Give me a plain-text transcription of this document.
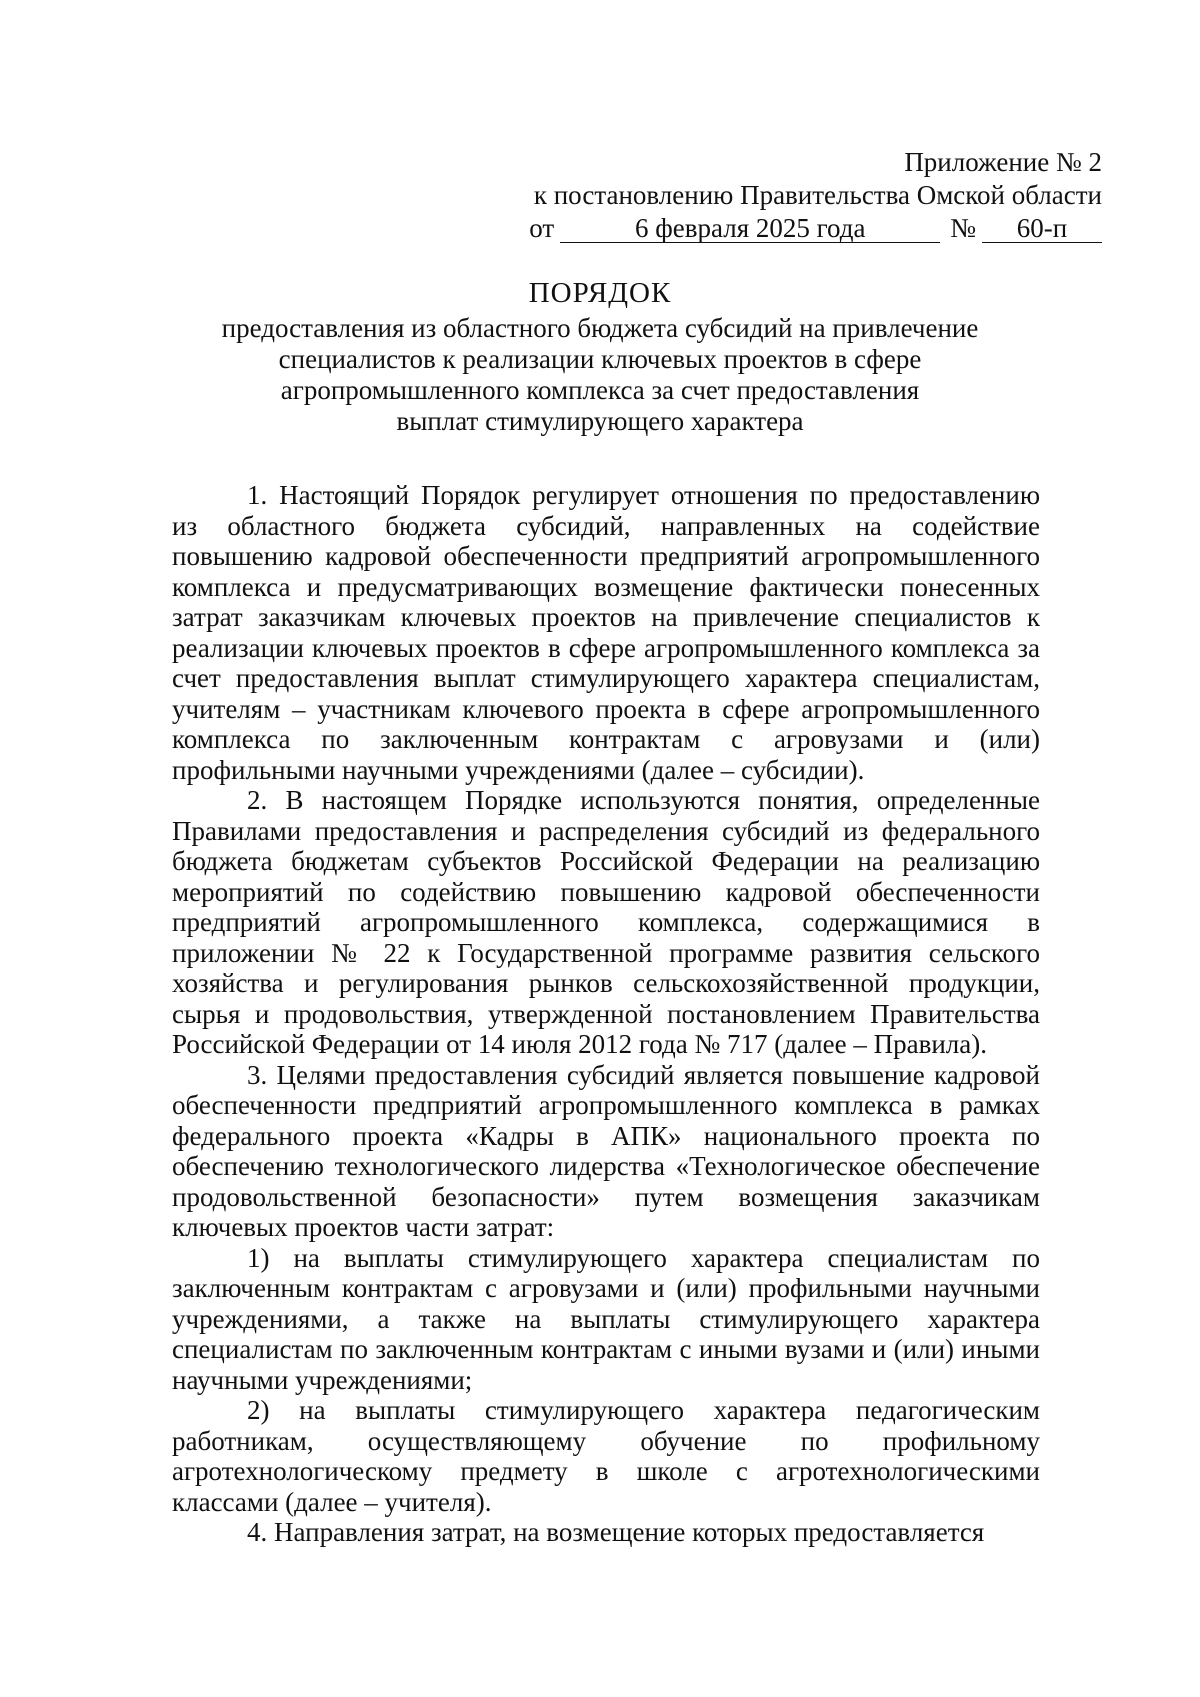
Приложение № 2
к постановлению Правительства Омской области
от	6 февраля 2025 года	№	60-п
ПОРЯДОК
предоставления из областного бюджета субсидий на привлечение
специалистов к реализации ключевых проектов в сфере
агропромышленного комплекса за счет предоставления
выплат стимулирующего характера

1. Настоящий Порядок регулирует отношения по предоставлению из областного бюджета субсидий, направленных на содействие повышению кадровой обеспеченности предприятий агропромышленного комплекса и предусматривающих возмещение фактически понесенных затрат заказчикам ключевых проектов на привлечение специалистов к реализации ключевых проектов в сфере агропромышленного комплекса за счет предоставления выплат стимулирующего характера специалистам, учителям – участникам ключевого проекта в сфере агропромышленного комплекса по заключенным контрактам с агровузами и (или) профильными научными учреждениями (далее – субсидии).

2. В настоящем Порядке используются понятия, определенные Правилами предоставления и распределения субсидий из федерального бюджета бюджетам субъектов Российской Федерации на реализацию мероприятий по содействию повышению кадровой обеспеченности предприятий агропромышленного комплекса, содержащимися в приложении № 22 к Государственной программе развития сельского хозяйства и регулирования рынков сельскохозяйственной продукции, сырья и продовольствия, утвержденной постановлением Правительства Российской Федерации от 14 июля 2012 года № 717 (далее – Правила).

3. Целями предоставления субсидий является повышение кадровой обеспеченности предприятий агропромышленного комплекса в рамках федерального проекта «Кадры в АПК» национального проекта по обеспечению технологического лидерства «Технологическое обеспечение продовольственной безопасности» путем возмещения заказчикам ключевых проектов части затрат:

1) на выплаты стимулирующего характера специалистам по заключенным контрактам с агровузами и (или) профильными научными учреждениями, а также на выплаты стимулирующего характера специалистам по заключенным контрактам с иными вузами и (или) иными научными учреждениями;

2) на выплаты стимулирующего характера педагогическим работникам, осуществляющему обучение по профильному агротехнологическому предмету в школе с агротехнологическими классами (далее – учителя).

4. Направления затрат, на возмещение которых предоставляется
